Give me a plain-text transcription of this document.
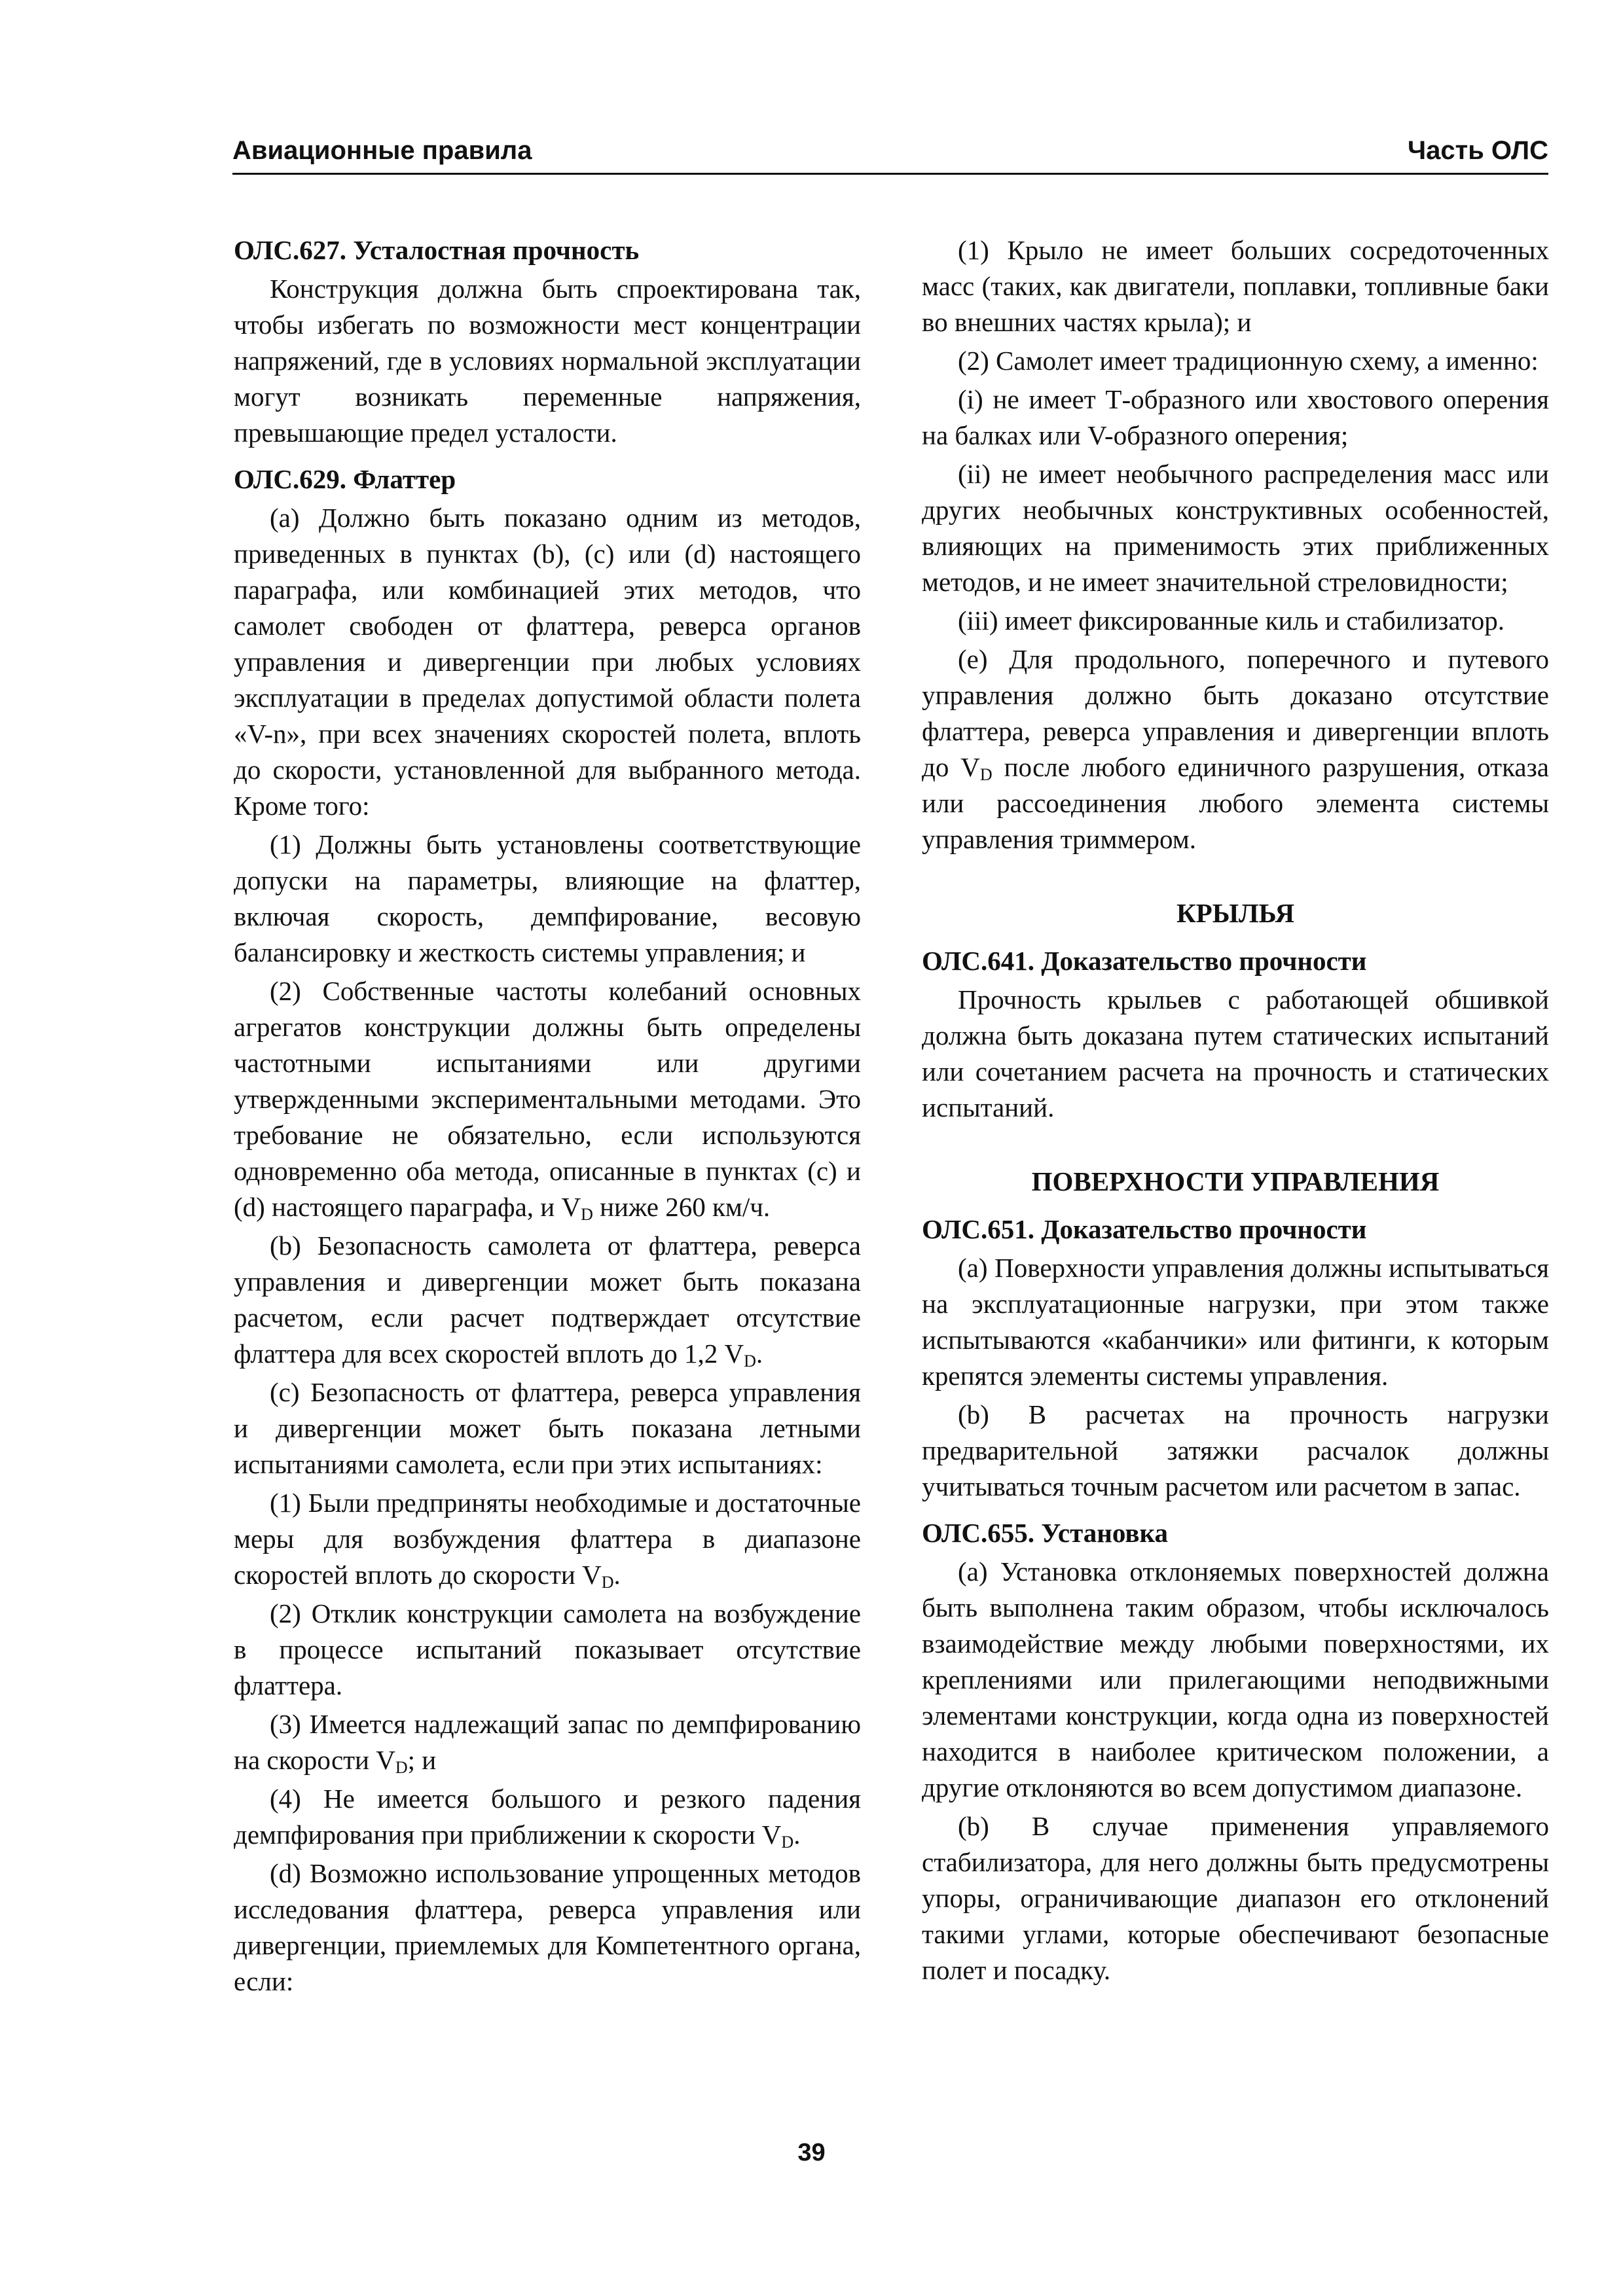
Авиационные правила	Часть ОЛС

ОЛС.627. Усталостная прочность

Конструкция должна быть спроектирована так, чтобы избегать по возможности мест концентрации напряжений, где в условиях нормальной эксплуатации могут возникать переменные напряжения, превышающие предел усталости.

ОЛС.629. Флаттер

(а) Должно быть показано одним из методов, приведенных в пунктах (b), (с) или (d) настоящего параграфа, или комбинацией этих методов, что самолет свободен от флаттера, реверса органов управления и дивергенции при любых условиях эксплуатации в пределах допустимой области полета «V-n», при всех значениях скоростей полета, вплоть до скорости, установленной для выбранного метода. Кроме того:

(1) Должны быть установлены соответствующие допуски на параметры, влияющие на флаттер, включая скорость, демпфирование, весовую балансировку и жесткость системы управления; и

(2) Собственные частоты колебаний основных агрегатов конструкции должны быть определены частотными испытаниями или другими утвержденными экспериментальными методами. Это требование не обязательно, если используются одновременно оба метода, описанные в пунктах (с) и (d) настоящего параграфа, и $V_D$ ниже 260 км/ч.

(b) Безопасность самолета от флаттера, реверса управления и дивергенции может быть показана расчетом, если расчет подтверждает отсутствие флаттера для всех скоростей вплоть до 1,2 $V_D$.

(с) Безопасность от флаттера, реверса управления и дивергенции может быть показана летными испытаниями самолета, если при этих испытаниях:

(1) Были предприняты необходимые и достаточные меры для возбуждения флаттера в диапазоне скоростей вплоть до скорости $V_D$.

(2) Отклик конструкции самолета на возбуждение в процессе испытаний показывает отсутствие флаттера.

(3) Имеется надлежащий запас по демпфированию на скорости $V_D$; и

(4) Не имеется большого и резкого падения демпфирования при приближении к скорости $V_D$.

(d) Возможно использование упрощенных методов исследования флаттера, реверса управления или дивергенции, приемлемых для Компетентного органа, если:

(1) Крыло не имеет больших сосредоточенных масс (таких, как двигатели, поплавки, топливные баки во внешних частях крыла); и

(2) Самолет имеет традиционную схему, а именно:

(i) не имеет Т-образного или хвостового оперения на балках или V-образного оперения;

(ii) не имеет необычного распределения масс или других необычных конструктивных особенностей, влияющих на применимость этих приближенных методов, и не имеет значительной стреловидности;

(iii) имеет фиксированные киль и стабилизатор.

(е) Для продольного, поперечного и путевого управления должно быть доказано отсутствие флаттера, реверса управления и дивергенции вплоть до $V_D$ после любого единичного разрушения, отказа или рассоединения любого элемента системы управления триммером.

КРЫЛЬЯ

ОЛС.641. Доказательство прочности

Прочность крыльев с работающей обшивкой должна быть доказана путем статических испытаний или сочетанием расчета на прочность и статических испытаний.

ПОВЕРХНОСТИ УПРАВЛЕНИЯ

ОЛС.651. Доказательство прочности

(а) Поверхности управления должны испытываться на эксплуатационные нагрузки, при этом также испытываются «кабанчики» или фитинги, к которым крепятся элементы системы управления.

(b) В расчетах на прочность нагрузки предварительной затяжки расчалок должны учитываться точным расчетом или расчетом в запас.

ОЛС.655. Установка

(а) Установка отклоняемых поверхностей должна быть выполнена таким образом, чтобы исключалось взаимодействие между любыми поверхностями, их креплениями или прилегающими неподвижными элементами конструкции, когда одна из поверхностей находится в наиболее критическом положении, а другие отклоняются во всем допустимом диапазоне.

(b) В случае применения управляемого стабилизатора, для него должны быть предусмотрены упоры, ограничивающие диапазон его отклонений такими углами, которые обеспечивают безопасные полет и посадку.

39
